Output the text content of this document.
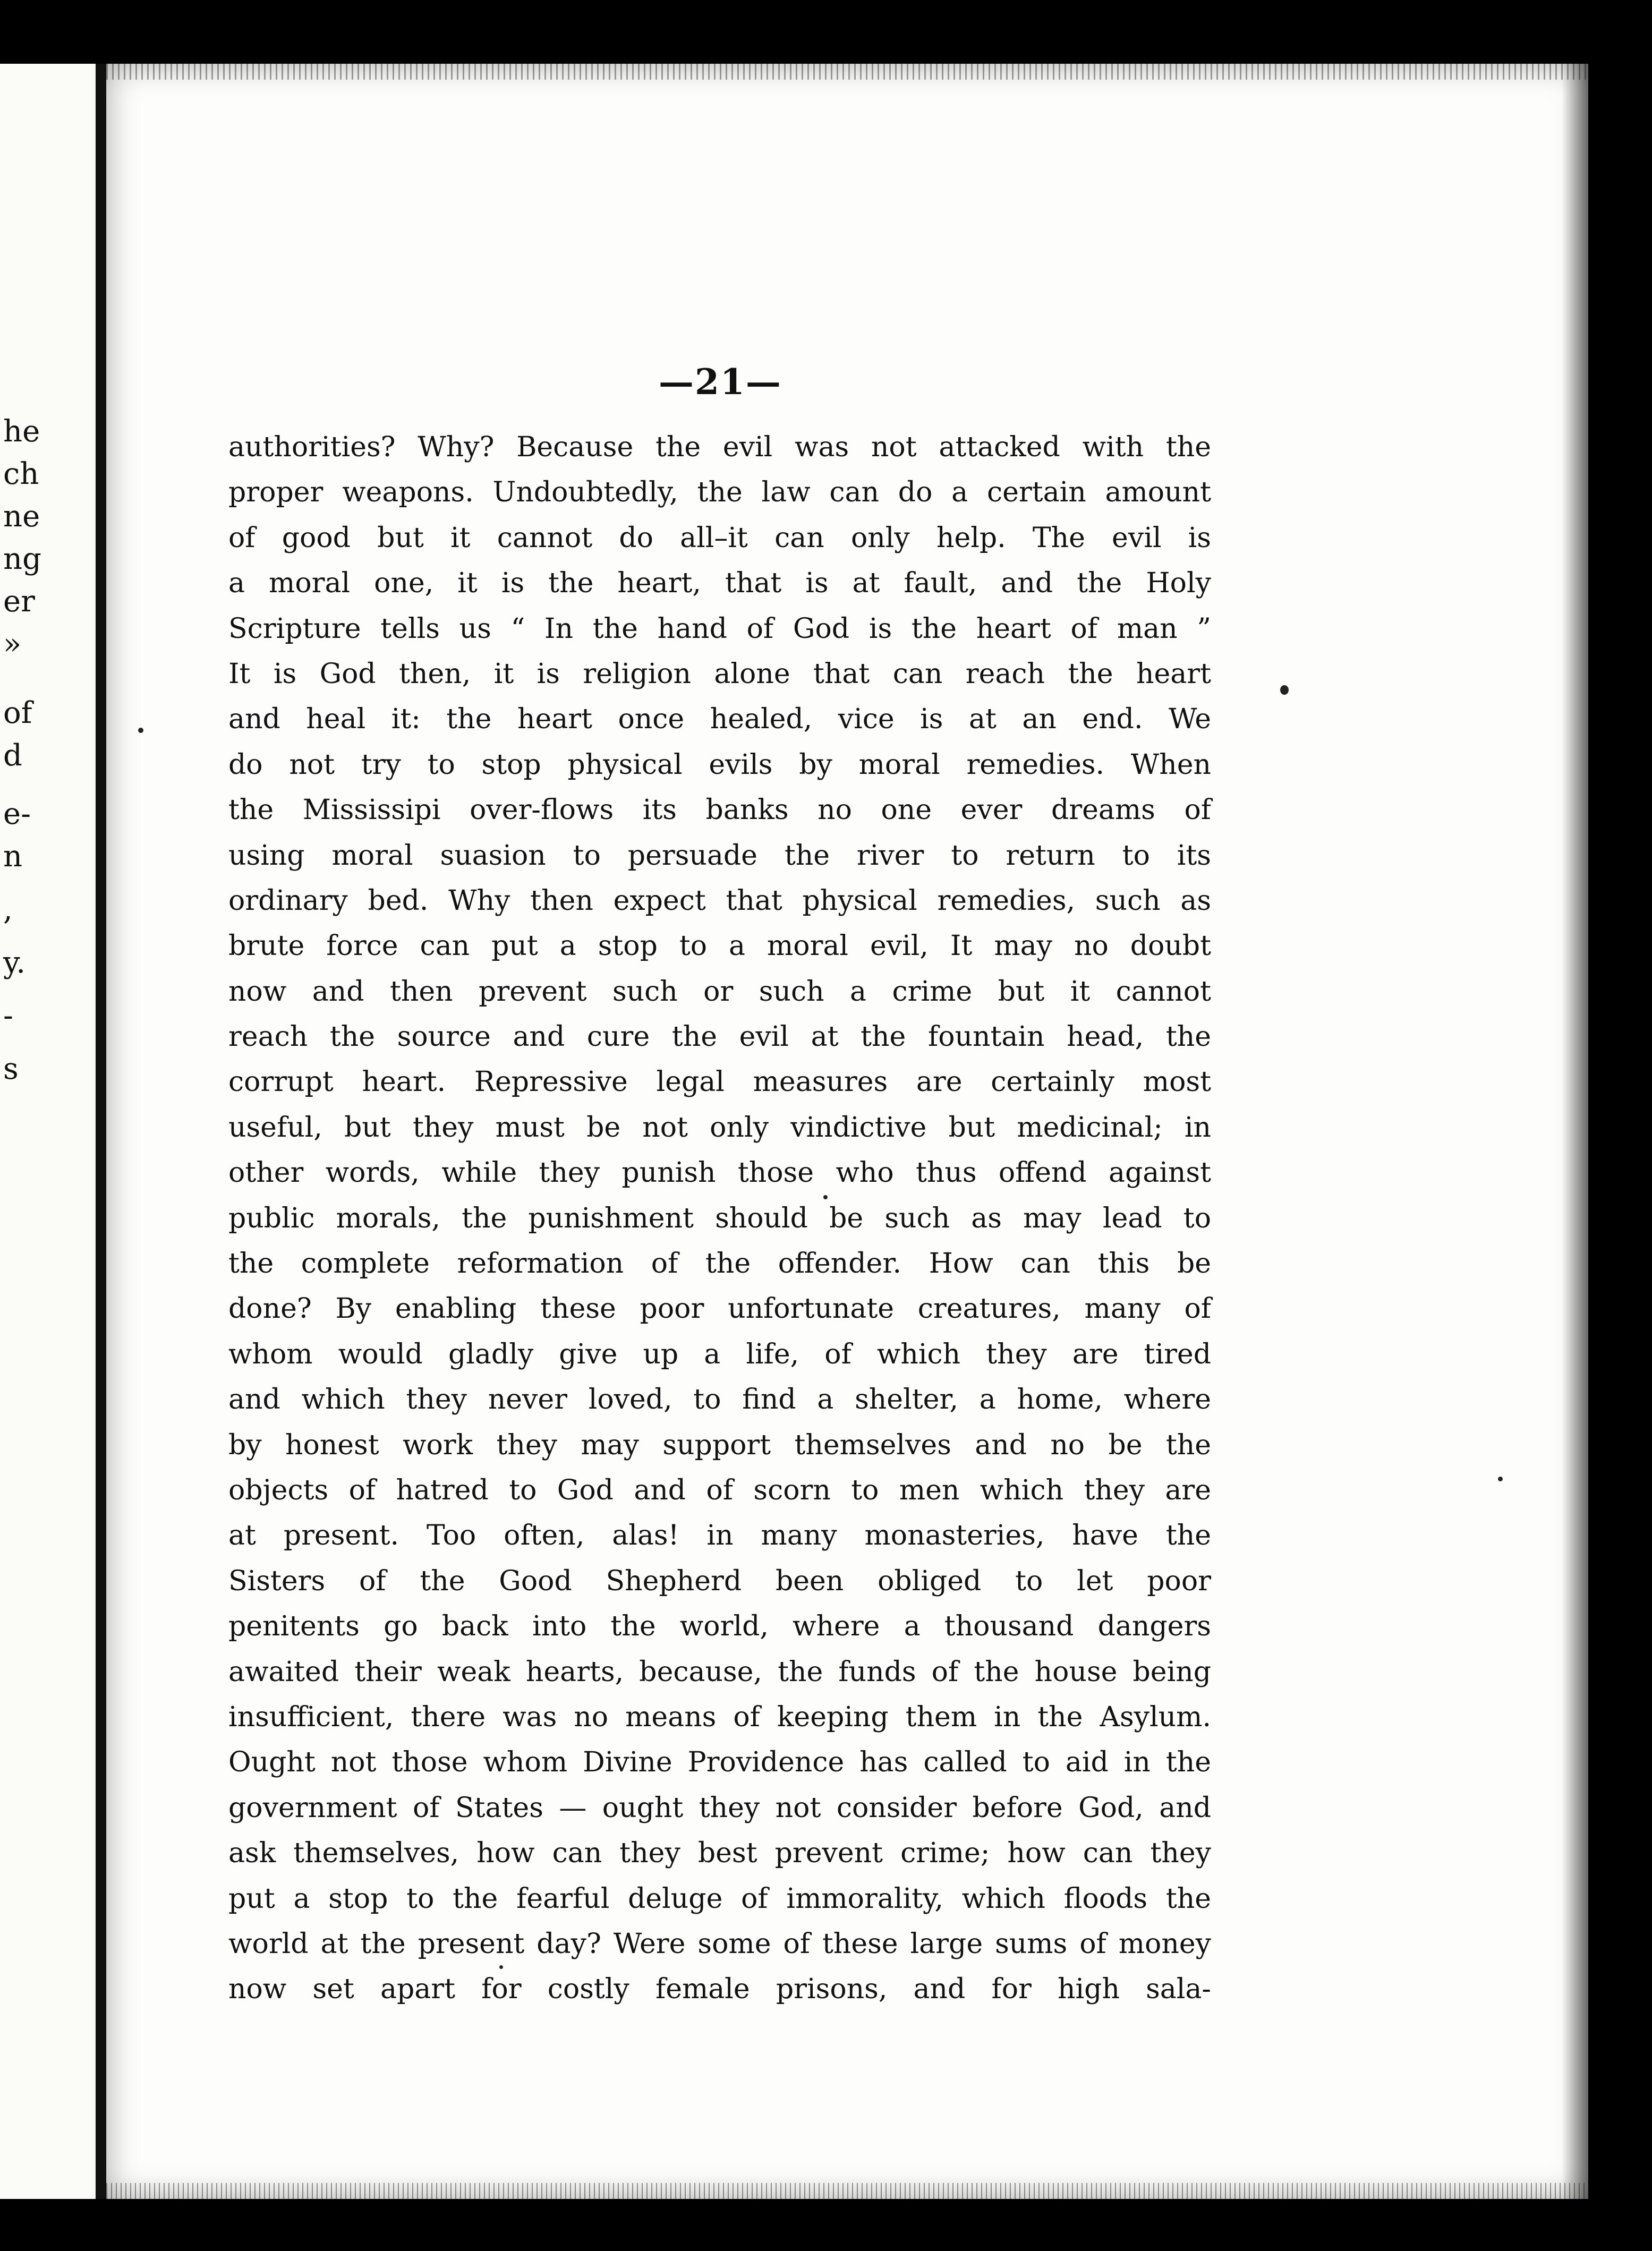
he
ch
ne
ng
er
»
of
d
e-
n
,
y.
-
s
—21—
authorities? Why? Because the evil was not attacked with the
proper weapons. Undoubtedly, the law can do a certain amount
of good but it cannot do all–it can only help. The evil is
a moral one, it is the heart, that is at fault, and the Holy
Scripture tells us “ In the hand of God is the heart of man ”
It is God then, it is religion alone that can reach the heart
and heal it: the heart once healed, vice is at an end. We
do not try to stop physical evils by moral remedies. When
the Mississipi over-flows its banks no one ever dreams of
using moral suasion to persuade the river to return to its
ordinary bed. Why then expect that physical remedies, such as
brute force can put a stop to a moral evil, It may no doubt
now and then prevent such or such a crime but it cannot
reach the source and cure the evil at the fountain head, the
corrupt heart. Repressive legal measures are certainly most
useful, but they must be not only vindictive but medicinal; in
other words, while they punish those who thus offend against
public morals, the punishment should be such as may lead to
the complete reformation of the offender. How can this be
done? By enabling these poor unfortunate creatures, many of
whom would gladly give up a life, of which they are tired
and which they never loved, to find a shelter, a home, where
by honest work they may support themselves and no be the
objects of hatred to God and of scorn to men which they are
at present. Too often, alas! in many monasteries, have the
Sisters of the Good Shepherd been obliged to let poor
penitents go back into the world, where a thousand dangers
awaited their weak hearts, because, the funds of the house being
insufficient, there was no means of keeping them in the Asylum.
Ought not those whom Divine Providence has called to aid in the
government of States — ought they not consider before God, and
ask themselves, how can they best prevent crime; how can they
put a stop to the fearful deluge of immorality, which floods the
world at the present day? Were some of these large sums of money
now set apart for costly female prisons, and for high sala-
